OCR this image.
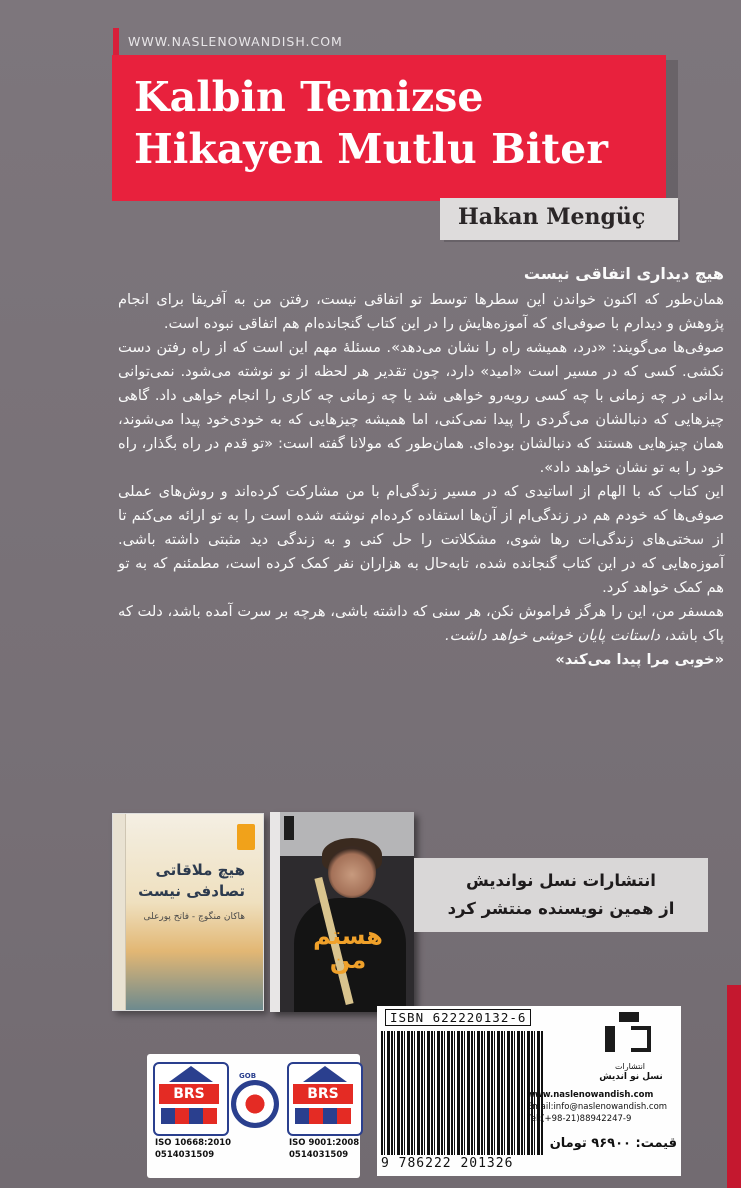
WWW.NASLENOWANDISH.COM
Kalbin Temizse
Hikayen Mutlu Biter
Hakan Mengüç

هیچ دیداری اتفاقی نیست

همان‌طور که اکنون خواندن این سطرها توسط تو اتفاقی نیست، رفتن من به آفریقا برای انجام پژوهش و دیدارم با صوفی‌ای که آموزه‌هایش را در این کتاب گنجانده‌ام هم اتفاقی نبوده است.

صوفی‌ها می‌گویند: «درد، همیشه راه را نشان می‌دهد». مسئلهٔ مهم این است که از راه رفتن دست نکشی. کسی که در مسیر است «امید» دارد، چون تقدیر هر لحظه از نو نوشته می‌شود. نمی‌توانی بدانی در چه زمانی با چه کسی روبه‌رو خواهی شد یا چه زمانی چه کاری را انجام خواهی داد. گاهی چیزهایی که دنبالشان می‌گردی را پیدا نمی‌کنی، اما همیشه چیزهایی که به خودی‌خود پیدا می‌شوند، همان چیزهایی هستند که دنبالشان بوده‌ای. همان‌طور که مولانا گفته است: «تو قدم در راه بگذار، راه خود را به تو نشان خواهد داد».

این کتاب که با الهام از اساتیدی که در مسیر زندگی‌ام با من مشارکت کرده‌اند و روش‌های عملی صوفی‌ها که خودم هم در زندگی‌ام از آن‌ها استفاده کرده‌ام نوشته شده است را به تو ارائه می‌کنم تا از سختی‌های زندگی‌ات رها شوی، مشکلاتت را حل کنی و به زندگی دید مثبتی داشته باشی. آموزه‌هایی که در این کتاب گنجانده شده، تابه‌حال به هزاران نفر کمک کرده است، مطمئنم که به تو هم کمک خواهد کرد.

همسفر من، این را هرگز فراموش نکن، هر سنی که داشته باشی، هرچه بر سرت آمده باشد، دلت که پاک باشد، داستانت پایان خوشی خواهد داشت.

«خوبی مرا پیدا می‌کند»

هیچ ملاقاتی تصادفی نیست
هاکان منگوچ - فاتح پورعلی
هستم من
انتشارات نسل نواندیش
از همین نویسنده منتشر کرد
ISBN 622220132-6
9 786222 201326
انتشارات
نسل نو اندیش
www.naslenowandish.com
Email:info@naslenowandish.com
Tel:(+98-21)88942247-9
قیمت: ۹۶۹۰۰ تومان
BRS
GOB
BRS
ISO 10668:2010
0514031509
ISO 9001:2008
0514031509
